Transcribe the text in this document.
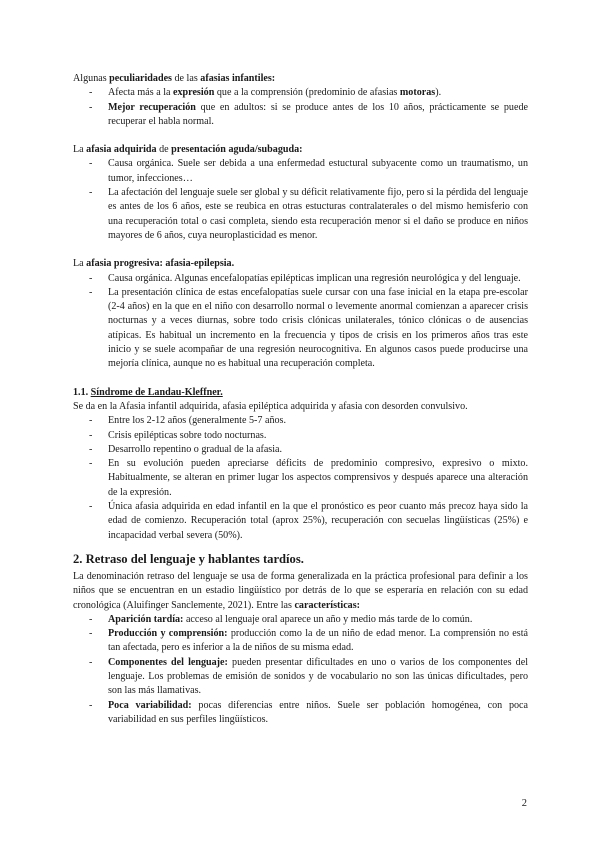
Algunas peculiaridades de las afasias infantiles:

- Afecta más a la expresión que a la comprensión (predominio de afasias motoras).
- Mejor recuperación que en adultos: si se produce antes de los 10 años, prácticamente se puede recuperar el habla normal.

La afasia adquirida de presentación aguda/subaguda:

- Causa orgánica. Suele ser debida a una enfermedad estuctural subyacente como un traumatismo, un tumor, infecciones…
- La afectación del lenguaje suele ser global y su déficit relativamente fijo, pero si la pérdida del lenguaje es antes de los 6 años, este se reubica en otras estucturas contralaterales o del mismo hemisferio con una recuperación total o casi completa, siendo esta recuperación menor si el daño se produce en niños mayores de 6 años, cuya neuroplasticidad es menor.

La afasia progresiva: afasia-epilepsia.

- Causa orgánica. Algunas encefalopatías epilépticas implican una regresión neurológica y del lenguaje.
- La presentación clínica de estas encefalopatías suele cursar con una fase inicial en la etapa pre-escolar (2-4 años) en la que en el niño con desarrollo normal o levemente anormal comienzan a aparecer crisis nocturnas y a veces diurnas, sobre todo crisis clónicas unilaterales, tónico clónicas o de ausencias atípicas. Es habitual un incremento en la frecuencia y tipos de crisis en los primeros años tras este inicio y se suele acompañar de una regresión neurocognitiva. En algunos casos puede producirse una mejoría clínica, aunque no es habitual una recuperación completa.
1.1. Síndrome de Landau-Kleffner.

Se da en la Afasia infantil adquirida, afasia epiléptica adquirida y afasia con desorden convulsivo.

- Entre los 2-12 años (generalmente 5-7 años.
- Crisis epilépticas sobre todo nocturnas.
- Desarrollo repentino o gradual de la afasia.
- En su evolución pueden apreciarse déficits de predominio compresivo, expresivo o mixto. Habitualmente, se alteran en primer lugar los aspectos comprensivos y después aparece una alteración de la expresión.
- Única afasia adquirida en edad infantil en la que el pronóstico es peor cuanto más precoz haya sido la edad de comienzo. Recuperación total (aprox 25%), recuperación con secuelas lingüísticas (25%) e incapacidad verbal severa (50%).
2. Retraso del lenguaje y hablantes tardíos.

La denominación retraso del lenguaje se usa de forma generalizada en la práctica profesional para definir a los niños que se encuentran en un estadio lingüístico por detrás de lo que se esperaría en relación con su edad cronológica (Aluifinger Sanclemente, 2021). Entre las características:

- Aparición tardía: acceso al lenguaje oral aparece un año y medio más tarde de lo común.
- Producción y comprensión: producción como la de un niño de edad menor. La comprensión no está tan afectada, pero es inferior a la de niños de su misma edad.
- Componentes del lenguaje: pueden presentar dificultades en uno o varios de los componentes del lenguaje. Los problemas de emisión de sonidos y de vocabulario no son las únicas dificultades, pero son las más llamativas.
- Poca variabilidad: pocas diferencias entre niños. Suele ser población homogénea, con poca variabilidad en sus perfiles lingüísticos.
2
